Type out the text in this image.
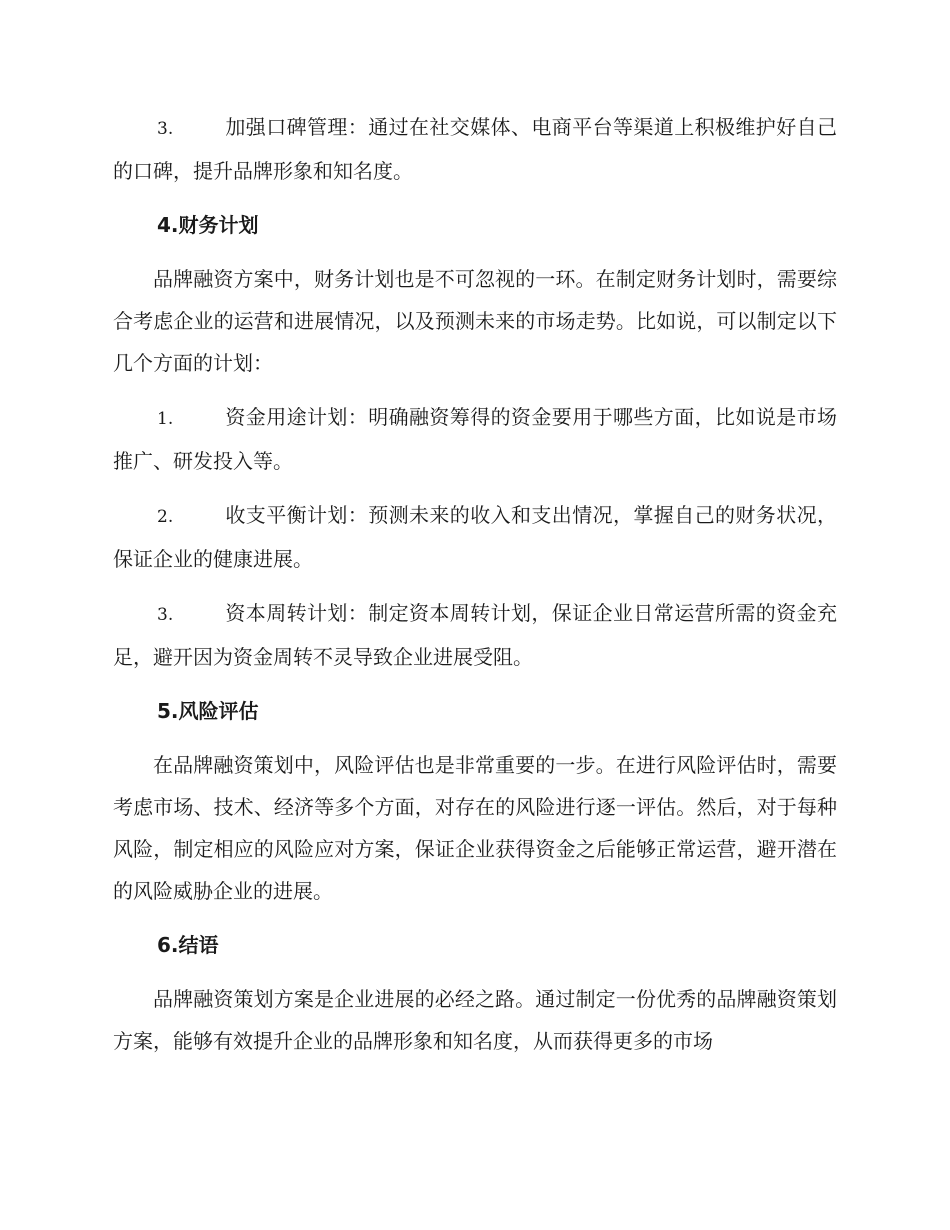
3.	加强口碑管理：通过在社交媒体、电商平台等渠道上积极维护好自己的口碑，提升品牌形象和知名度。
4.财务计划

品牌融资方案中，财务计划也是不可忽视的一环。在制定财务计划时，需要综合考虑企业的运营和进展情况，以及预测未来的市场走势。比如说，可以制定以下几个方面的计划：

1.	资金用途计划：明确融资筹得的资金要用于哪些方面，比如说是市场推广、研发投入等。
2.	收支平衡计划：预测未来的收入和支出情况，掌握自己的财务状况，保证企业的健康进展。
3.	资本周转计划：制定资本周转计划，保证企业日常运营所需的资金充足，避开因为资金周转不灵导致企业进展受阻。
5.风险评估

在品牌融资策划中，风险评估也是非常重要的一步。在进行风险评估时，需要考虑市场、技术、经济等多个方面，对存在的风险进行逐一评估。然后，对于每种风险，制定相应的风险应对方案，保证企业获得资金之后能够正常运营，避开潜在的风险威胁企业的进展。

6.结语

品牌融资策划方案是企业进展的必经之路。通过制定一份优秀的品牌融资策划方案，能够有效提升企业的品牌形象和知名度，从而获得更多的市场
